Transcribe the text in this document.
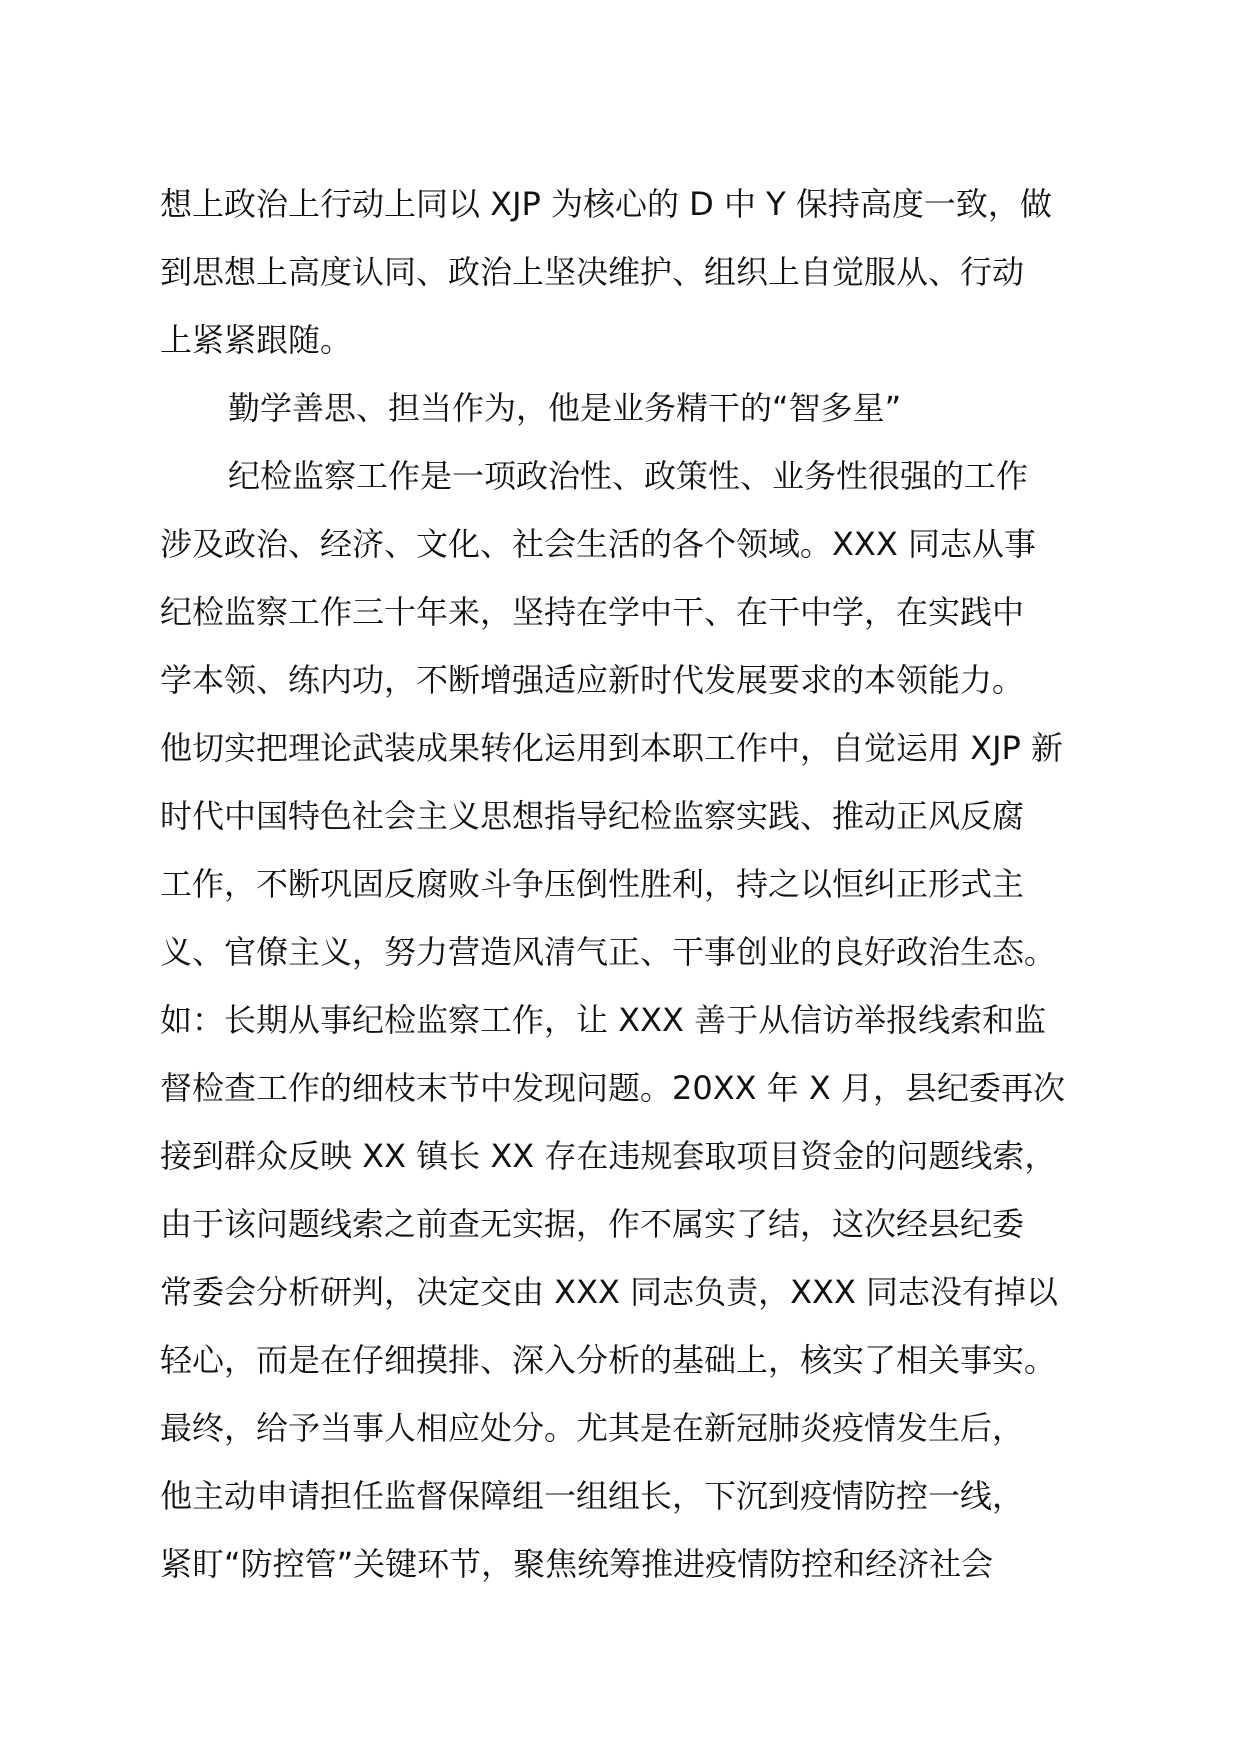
想上政治上行动上同以 XJP 为核心的 D 中 Y 保持高度一致，做
到思想上高度认同、政治上坚决维护、组织上自觉服从、行动
上紧紧跟随。
勤学善思、担当作为，他是业务精干的“智多星”
纪检监察工作是一项政治性、政策性、业务性很强的工作
涉及政治、经济、文化、社会生活的各个领域。XXX 同志从事
纪检监察工作三十年来，坚持在学中干、在干中学，在实践中
学本领、练内功，不断增强适应新时代发展要求的本领能力。
他切实把理论武装成果转化运用到本职工作中，自觉运用 XJP 新
时代中国特色社会主义思想指导纪检监察实践、推动正风反腐
工作，不断巩固反腐败斗争压倒性胜利，持之以恒纠正形式主
义、官僚主义，努力营造风清气正、干事创业的良好政治生态。
如：长期从事纪检监察工作，让 XXX 善于从信访举报线索和监
督检查工作的细枝末节中发现问题。20XX 年 X 月，县纪委再次
接到群众反映 XX 镇长 XX 存在违规套取项目资金的问题线索，
由于该问题线索之前查无实据，作不属实了结，这次经县纪委
常委会分析研判，决定交由 XXX 同志负责，XXX 同志没有掉以
轻心，而是在仔细摸排、深入分析的基础上，核实了相关事实。
最终，给予当事人相应处分。尤其是在新冠肺炎疫情发生后，
他主动申请担任监督保障组一组组长，下沉到疫情防控一线，
紧盯“防控管”关键环节，聚焦统筹推进疫情防控和经济社会
